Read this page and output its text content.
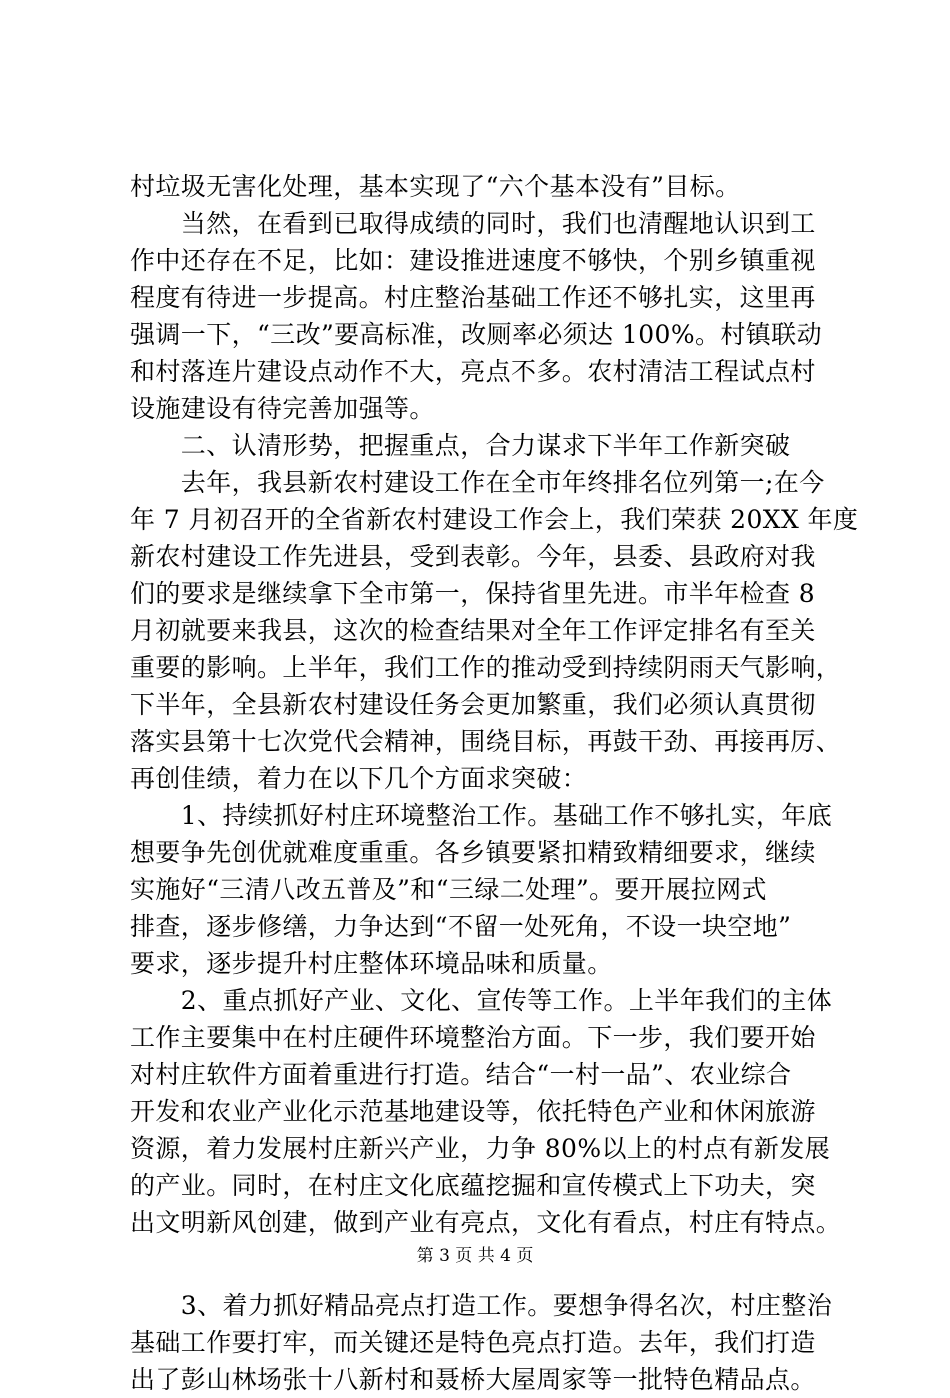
村垃圾无害化处理，基本实现了“六个基本没有”目标。
　　当然，在看到已取得成绩的同时，我们也清醒地认识到工
作中还存在不足，比如：建设推进速度不够快，个别乡镇重视
程度有待进一步提高。村庄整治基础工作还不够扎实，这里再
强调一下，“三改”要高标准，改厕率必须达 100%。村镇联动
和村落连片建设点动作不大，亮点不多。农村清洁工程试点村
设施建设有待完善加强等。
　　二、认清形势，把握重点，合力谋求下半年工作新突破
　　去年，我县新农村建设工作在全市年终排名位列第一;在今
年 7 月初召开的全省新农村建设工作会上，我们荣获 20XX 年度
新农村建设工作先进县，受到表彰。今年，县委、县政府对我
们的要求是继续拿下全市第一，保持省里先进。市半年检查 8
月初就要来我县，这次的检查结果对全年工作评定排名有至关
重要的影响。上半年，我们工作的推动受到持续阴雨天气影响，
下半年，全县新农村建设任务会更加繁重，我们必须认真贯彻
落实县第十七次党代会精神，围绕目标，再鼓干劲、再接再厉、
再创佳绩，着力在以下几个方面求突破：
　　1、持续抓好村庄环境整治工作。基础工作不够扎实，年底
想要争先创优就难度重重。各乡镇要紧扣精致精细要求，继续
实施好“三清八改五普及”和“三绿二处理”。要开展拉网式
排查，逐步修缮，力争达到“不留一处死角，不设一块空地”
要求，逐步提升村庄整体环境品味和质量。
　　2、重点抓好产业、文化、宣传等工作。上半年我们的主体
工作主要集中在村庄硬件环境整治方面。下一步，我们要开始
对村庄软件方面着重进行打造。结合“一村一品”、农业综合
开发和农业产业化示范基地建设等，依托特色产业和休闲旅游
资源，着力发展村庄新兴产业，力争 80%以上的村点有新发展
的产业。同时，在村庄文化底蕴挖掘和宣传模式上下功夫，突
出文明新风创建，做到产业有亮点，文化有看点，村庄有特点。
　　3、着力抓好精品亮点打造工作。要想争得名次，村庄整治
基础工作要打牢，而关键还是特色亮点打造。去年，我们打造
出了彭山林场张十八新村和聂桥大屋周家等一批特色精品点。
第 3 页 共 4 页
